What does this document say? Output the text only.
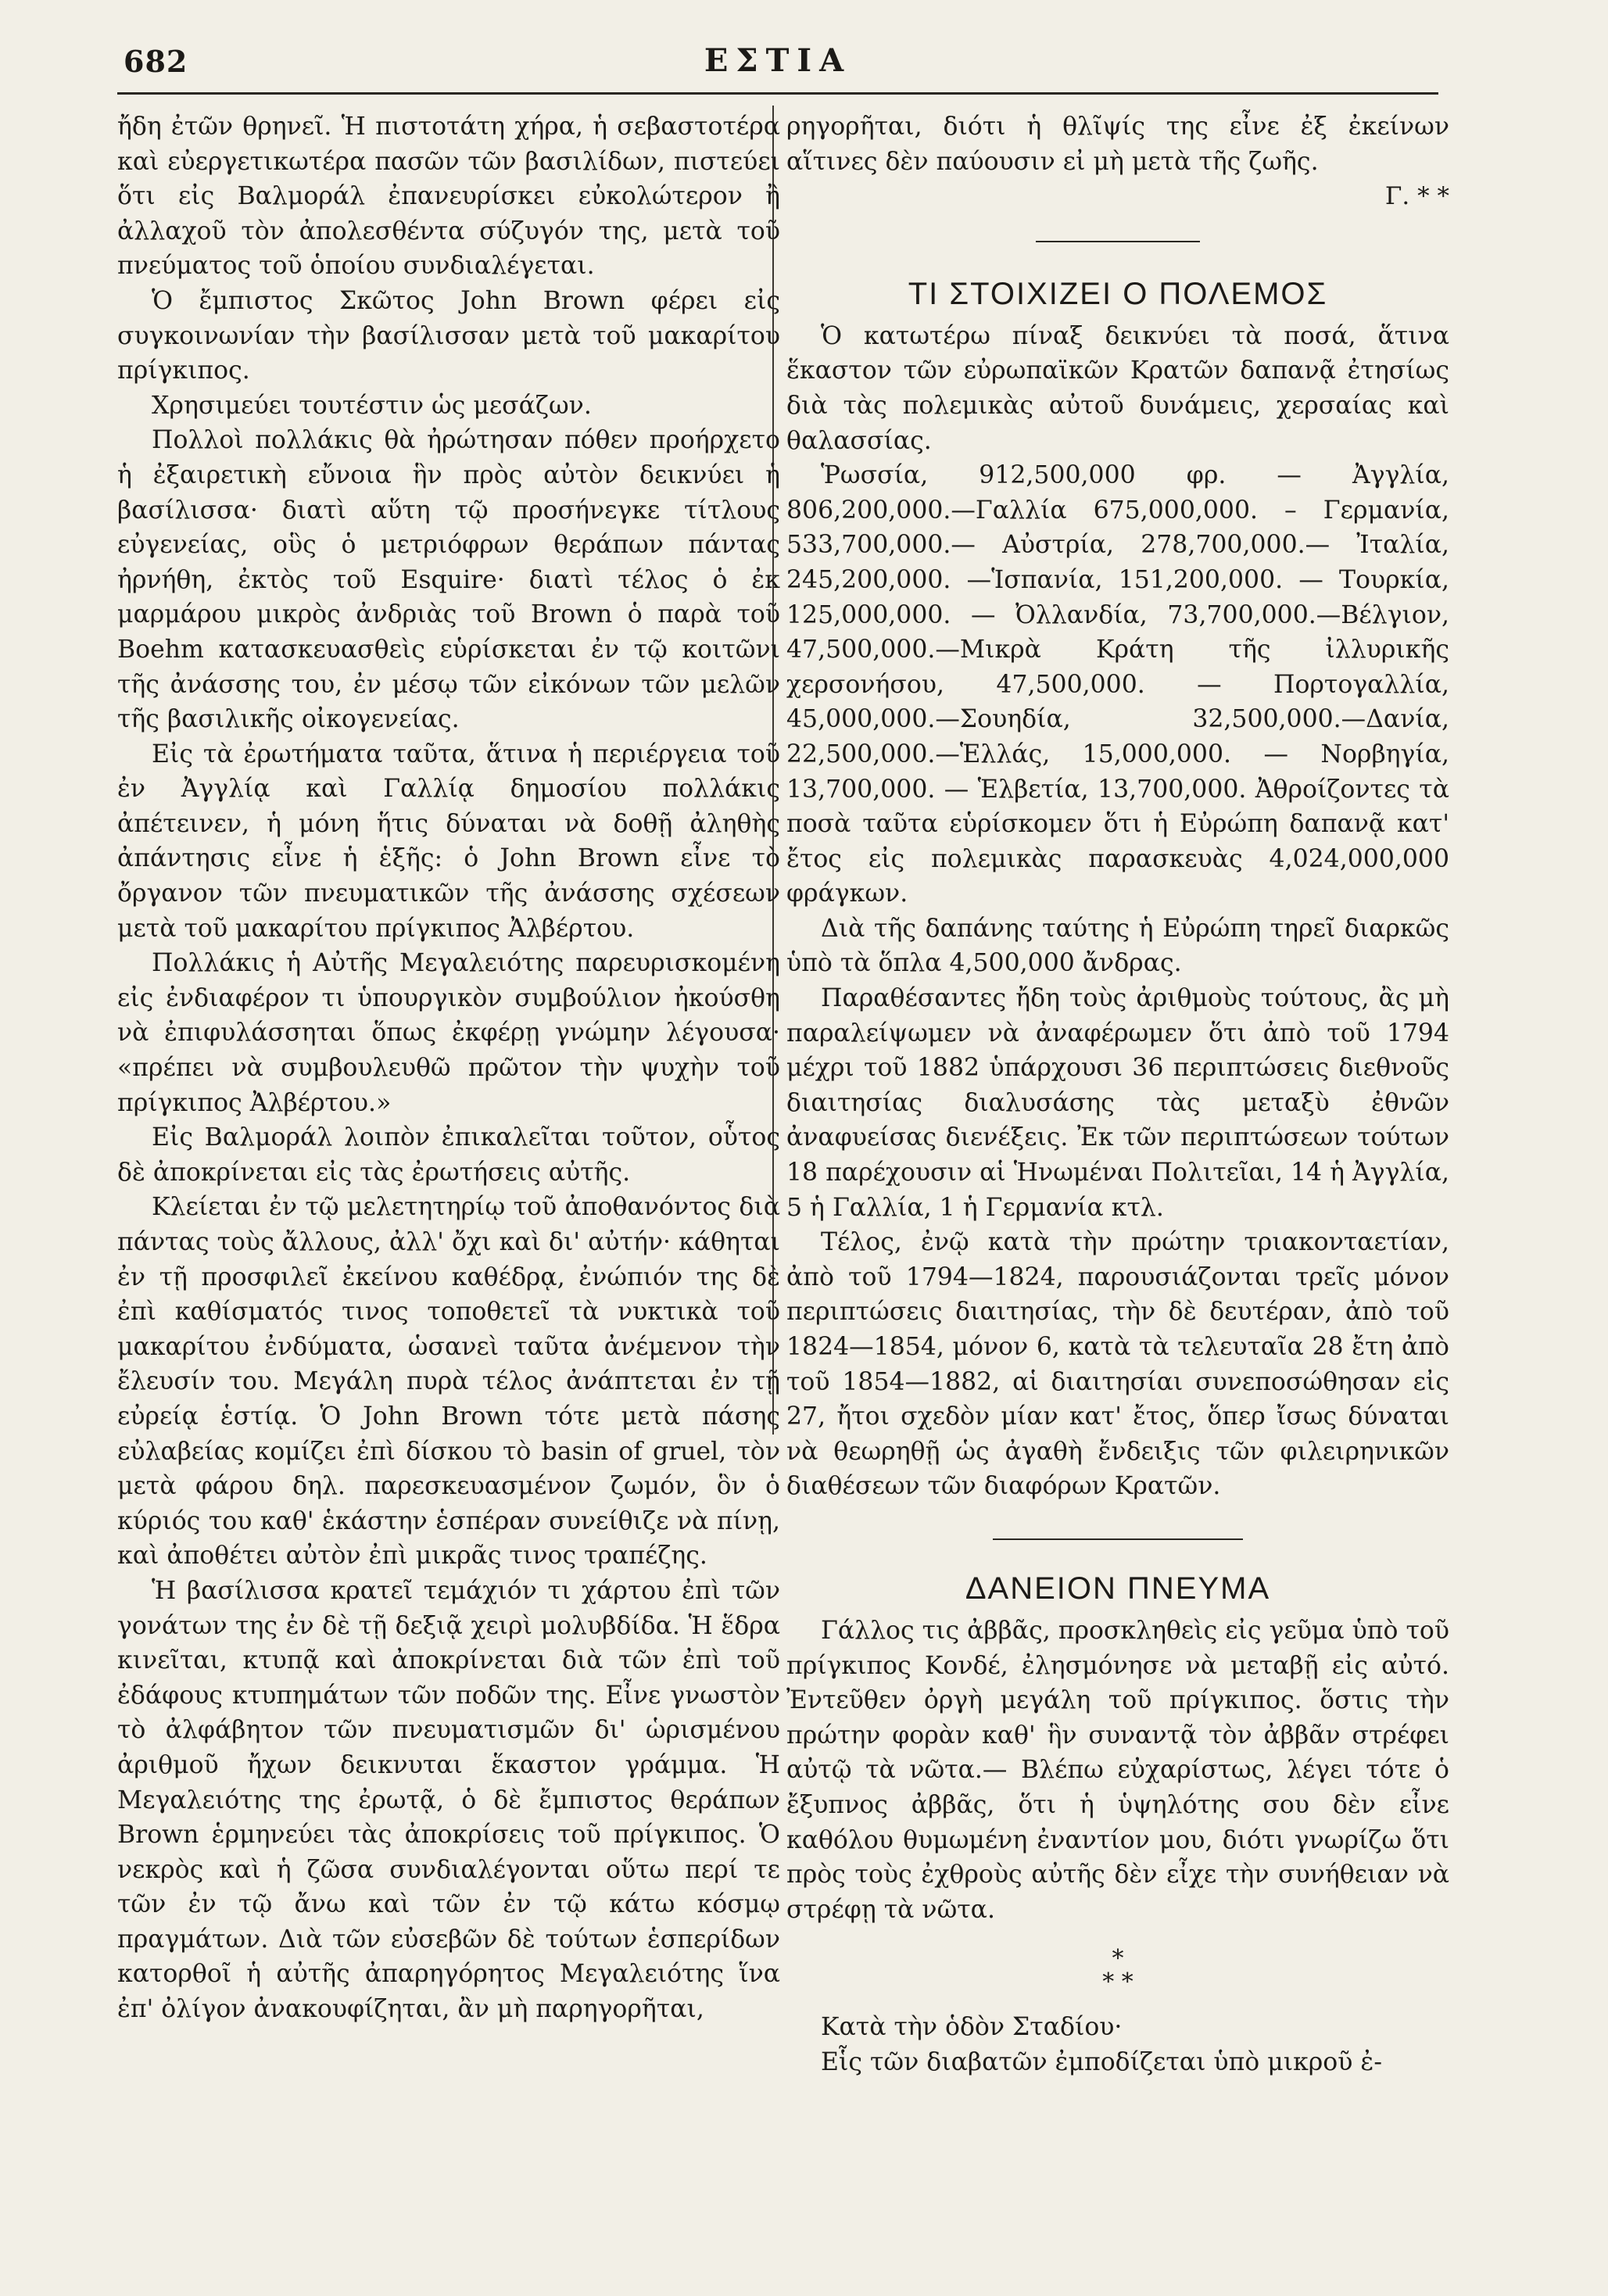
682	ΕΣΤΙΑ

ἤδη ἐτῶν θρηνεῖ. Ἡ πιστοτάτη χήρα, ἡ σεβαστοτέρα καὶ εὐεργετικωτέρα πασῶν τῶν βασιλίδων, πιστεύει ὅτι εἰς Βαλμοράλ ἐπανευρίσκει εὐκολώτερον ἢ ἀλλαχοῦ τὸν ἀπολεσθέντα σύζυγόν της, μετὰ τοῦ πνεύματος τοῦ ὁποίου συνδιαλέγεται.

Ὁ ἔμπιστος Σκῶτος John Brown φέρει εἰς συγκοινωνίαν τὴν βασίλισσαν μετὰ τοῦ μακαρίτου πρίγκιπος.

Χρησιμεύει τουτέστιν ὡς μεσάζων.

Πολλοὶ πολλάκις θὰ ἠρώτησαν πόθεν προήρχετο ἡ ἐξαιρετικὴ εὔνοια ἣν πρὸς αὐτὸν δεικνύει ἡ βασίλισσα· διατὶ αὕτη τῷ προσήνεγκε τίτλους εὐγενείας, οὓς ὁ μετριόφρων θεράπων πάντας ἠρνήθη, ἐκτὸς τοῦ Esquire· διατὶ τέλος ὁ ἐκ μαρμάρου μικρὸς ἀνδριὰς τοῦ Brown ὁ παρὰ τοῦ Boehm κατασκευασθεὶς εὑρίσκεται ἐν τῷ κοιτῶνι τῆς ἀνάσσης του, ἐν μέσῳ τῶν εἰκόνων τῶν μελῶν τῆς βασιλικῆς οἰκογενείας.

Εἰς τὰ ἐρωτήματα ταῦτα, ἅτινα ἡ περιέργεια τοῦ ἐν Ἀγγλίᾳ καὶ Γαλλίᾳ δημοσίου πολλάκις ἀπέτεινεν, ἡ μόνη ἥτις δύναται νὰ δοθῇ ἀληθὴς ἀπάντησις εἶνε ἡ ἑξῆς: ὁ John Brown εἶνε τὸ ὄργανον τῶν πνευματικῶν τῆς ἀνάσσης σχέσεων μετὰ τοῦ μακαρίτου πρίγκιπος Ἀλβέρτου.

Πολλάκις ἡ Αὐτῆς Μεγαλειότης παρευρισκομένη εἰς ἐνδιαφέρον τι ὑπουργικὸν συμβούλιον ἠκούσθη νὰ ἐπιφυλάσσηται ὅπως ἐκφέρῃ γνώμην λέγουσα· «πρέπει νὰ συμβουλευθῶ πρῶτον τὴν ψυχὴν τοῦ πρίγκιπος Ἀλβέρτου.»

Εἰς Βαλμοράλ λοιπὸν ἐπικαλεῖται τοῦτον, οὗτος δὲ ἀποκρίνεται εἰς τὰς ἐρωτήσεις αὐτῆς.

Κλείεται ἐν τῷ μελετητηρίῳ τοῦ ἀποθανόντος διὰ πάντας τοὺς ἄλλους, ἀλλ' ὄχι καὶ δι' αὐτήν· κάθηται ἐν τῇ προσφιλεῖ ἐκείνου καθέδρᾳ, ἐνώπιόν της δὲ ἐπὶ καθίσματός τινος τοποθετεῖ τὰ νυκτικὰ τοῦ μακαρίτου ἐνδύματα, ὡσανεὶ ταῦτα ἀνέμενον τὴν ἔλευσίν του. Μεγάλη πυρὰ τέλος ἀνάπτεται ἐν τῇ εὐρείᾳ ἑστίᾳ. Ὁ John Brown τότε μετὰ πάσης εὐλαβείας κομίζει ἐπὶ δίσκου τὸ basin of gruel, τὸν μετὰ φάρου δηλ. παρεσκευασμένον ζωμόν, ὃν ὁ κύριός του καθ' ἑκάστην ἑσπέραν συνείθιζε νὰ πίνῃ, καὶ ἀποθέτει αὐτὸν ἐπὶ μικρᾶς τινος τραπέζης.

Ἡ βασίλισσα κρατεῖ τεμάχιόν τι χάρτου ἐπὶ τῶν γονάτων της ἐν δὲ τῇ δεξιᾷ χειρὶ μολυβδίδα. Ἡ ἕδρα κινεῖται, κτυπᾷ καὶ ἀποκρίνεται διὰ τῶν ἐπὶ τοῦ ἐδάφους κτυπημάτων τῶν ποδῶν της. Εἶνε γνωστὸν τὸ ἀλφάβητον τῶν πνευματισμῶν δι' ὡρισμένου ἀριθμοῦ ἤχων δεικνυται ἕκαστον γράμμα. Ἡ Μεγαλειότης της ἐρωτᾷ, ὁ δὲ ἔμπιστος θεράπων Brown ἑρμηνεύει τὰς ἀποκρίσεις τοῦ πρίγκιπος. Ὁ νεκρὸς καὶ ἡ ζῶσα συνδιαλέγονται οὕτω περί τε τῶν ἐν τῷ ἄνω καὶ τῶν ἐν τῷ κάτω κόσμῳ πραγμάτων. Διὰ τῶν εὐσεβῶν δὲ τούτων ἑσπερίδων κατορθοῖ ἡ αὐτῆς ἀπαρηγόρητος Μεγαλειότης ἵνα ἐπ' ὀλίγον ἀνακουφίζηται, ἂν μὴ παρηγορῆται,

ρηγορῆται, διότι ἡ θλῖψίς της εἶνε ἐξ ἐκείνων αἵτινες δὲν παύουσιν εἰ μὴ μετὰ τῆς ζωῆς.

Γ. * *

ΤΙ ΣΤΟΙΧΙΖΕΙ Ο ΠΟΛΕΜΟΣ

Ὁ κατωτέρω πίναξ δεικνύει τὰ ποσά, ἅτινα ἕκαστον τῶν εὐρωπαϊκῶν Κρατῶν δαπανᾷ ἐτησίως διὰ τὰς πολεμικὰς αὐτοῦ δυνάμεις, χερσαίας καὶ θαλασσίας.

Ῥωσσία, 912,500,000 φρ. — Ἀγγλία, 806,200,000.—Γαλλία 675,000,000. – Γερμανία, 533,700,000.— Αὐστρία, 278,700,000.— Ἰταλία, 245,200,000. —Ἱσπανία, 151,200,000. — Τουρκία, 125,000,000. — Ὀλλανδία, 73,700,000.—Βέλγιον, 47,500,000.—Μικρὰ Κράτη τῆς ἰλλυρικῆς χερσονήσου, 47,500,000. — Πορτογαλλία, 45,000,000.—Σουηδία, 32,500,000.—Δανία, 22,500,000.—Ἑλλάς, 15,000,000. — Νορβηγία, 13,700,000. — Ἑλβετία, 13,700,000. Ἀθροίζοντες τὰ ποσὰ ταῦτα εὑρίσκομεν ὅτι ἡ Εὐρώπη δαπανᾷ κατ' ἔτος εἰς πολεμικὰς παρασκευὰς 4,024,000,000 φράγκων.

Διὰ τῆς δαπάνης ταύτης ἡ Εὐρώπη τηρεῖ διαρκῶς ὑπὸ τὰ ὅπλα 4,500,000 ἄνδρας.

Παραθέσαντες ἤδη τοὺς ἀριθμοὺς τούτους, ἂς μὴ παραλείψωμεν νὰ ἀναφέρωμεν ὅτι ἀπὸ τοῦ 1794 μέχρι τοῦ 1882 ὑπάρχουσι 36 περιπτώσεις διεθνοῦς διαιτησίας διαλυσάσης τὰς μεταξὺ ἐθνῶν ἀναφυείσας διενέξεις. Ἐκ τῶν περιπτώσεων τούτων 18 παρέχουσιν αἱ Ἡνωμέναι Πολιτεῖαι, 14 ἡ Ἀγγλία, 5 ἡ Γαλλία, 1 ἡ Γερμανία κτλ.

Τέλος, ἐνῷ κατὰ τὴν πρώτην τριακονταετίαν, ἀπὸ τοῦ 1794—1824, παρουσιάζονται τρεῖς μόνον περιπτώσεις διαιτησίας, τὴν δὲ δευτέραν, ἀπὸ τοῦ 1824—1854, μόνον 6, κατὰ τὰ τελευταῖα 28 ἔτη ἀπὸ τοῦ 1854—1882, αἱ διαιτησίαι συνεποσώθησαν εἰς 27, ἤτοι σχεδὸν μίαν κατ' ἔτος, ὅπερ ἴσως δύναται νὰ θεωρηθῇ ὡς ἀγαθὴ ἔνδειξις τῶν φιλειρηνικῶν διαθέσεων τῶν διαφόρων Κρατῶν.

ΔΑΝΕΙΟΝ ΠΝΕΥΜΑ

Γάλλος τις ἀββᾶς, προσκληθεὶς εἰς γεῦμα ὑπὸ τοῦ πρίγκιπος Κονδέ, ἐλησμόνησε νὰ μεταβῇ εἰς αὐτό. Ἐντεῦθεν ὀργὴ μεγάλη τοῦ πρίγκιπος. ὅστις τὴν πρώτην φορὰν καθ' ἣν συναντᾷ τὸν ἀββᾶν στρέφει αὐτῷ τὰ νῶτα.— Βλέπω εὐχαρίστως, λέγει τότε ὁ ἔξυπνος ἀββᾶς, ὅτι ἡ ὑψηλότης σου δὲν εἶνε καθόλου θυμωμένη ἐναντίον μου, διότι γνωρίζω ὅτι πρὸς τοὺς ἐχθροὺς αὐτῆς δὲν εἶχε τὴν συνήθειαν νὰ στρέφῃ τὰ νῶτα.

*
* *

Κατὰ τὴν ὁδὸν Σταδίου·

Εἷς τῶν διαβατῶν ἐμποδίζεται ὑπὸ μικροῦ ἐ-
